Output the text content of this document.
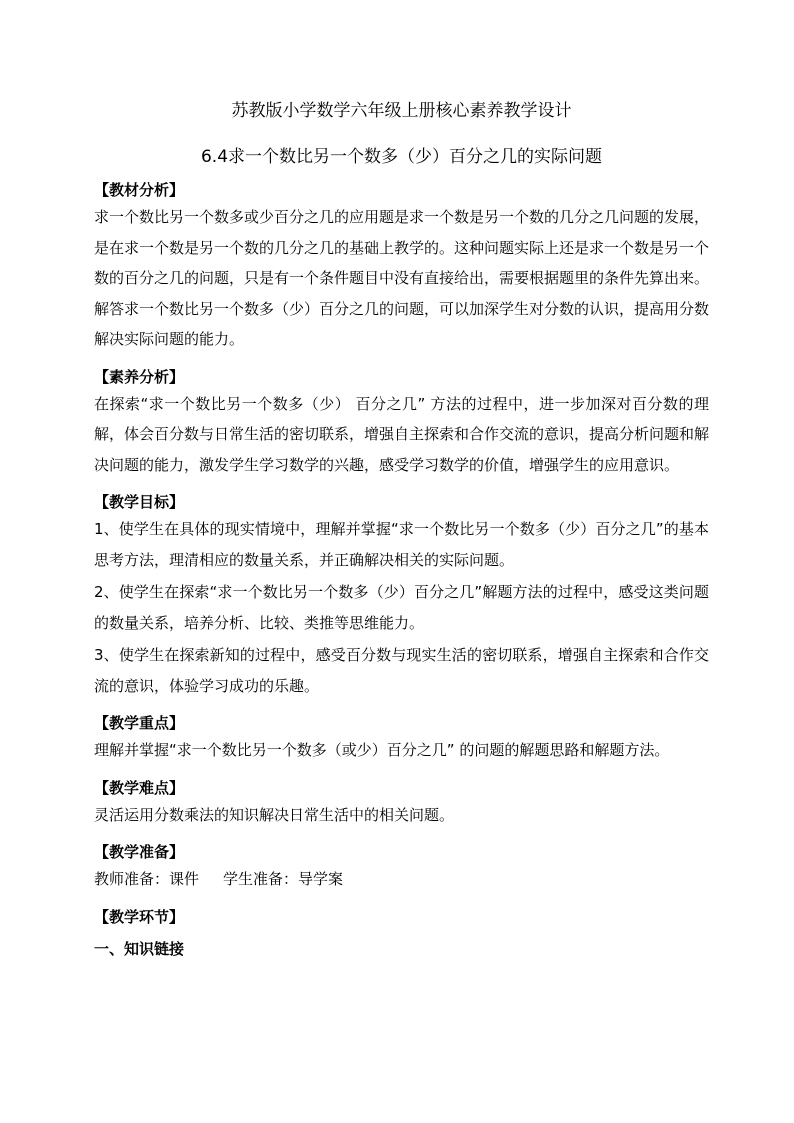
苏教版小学数学六年级上册核心素养教学设计
6.4求一个数比另一个数多（少）百分之几的实际问题
【教材分析】

求一个数比另一个数多或少百分之几的应用题是求一个数是另一个数的几分之几问题的发展，是在求一个数是另一个数的几分之几的基础上教学的。这种问题实际上还是求一个数是另一个数的百分之几的问题，只是有一个条件题目中没有直接给出，需要根据题里的条件先算出来。解答求一个数比另一个数多（少）百分之几的问题，可以加深学生对分数的认识，提高用分数解决实际问题的能力。

【素养分析】

在探索“求一个数比另一个数多（少） 百分之几” 方法的过程中，进一步加深对百分数的理解，体会百分数与日常生活的密切联系，增强自主探索和合作交流的意识，提高分析问题和解决问题的能力，激发学生学习数学的兴趣，感受学习数学的价值，增强学生的应用意识。

【教学目标】

1、使学生在具体的现实情境中，理解并掌握“求一个数比另一个数多（少）百分之几”的基本思考方法，理清相应的数量关系，并正确解决相关的实际问题。

2、使学生在探索“求一个数比另一个数多（少）百分之几”解题方法的过程中，感受这类问题的数量关系，培养分析、比较、类推等思维能力。

3、使学生在探索新知的过程中，感受百分数与现实生活的密切联系，增强自主探索和合作交流的意识，体验学习成功的乐趣。

【教学重点】

理解并掌握“求一个数比另一个数多（或少）百分之几” 的问题的解题思路和解题方法。

【教学难点】

灵活运用分数乘法的知识解决日常生活中的相关问题。

【教学准备】
教师准备：课件 学生准备：导学案
【教学环节】
一、知识链接
